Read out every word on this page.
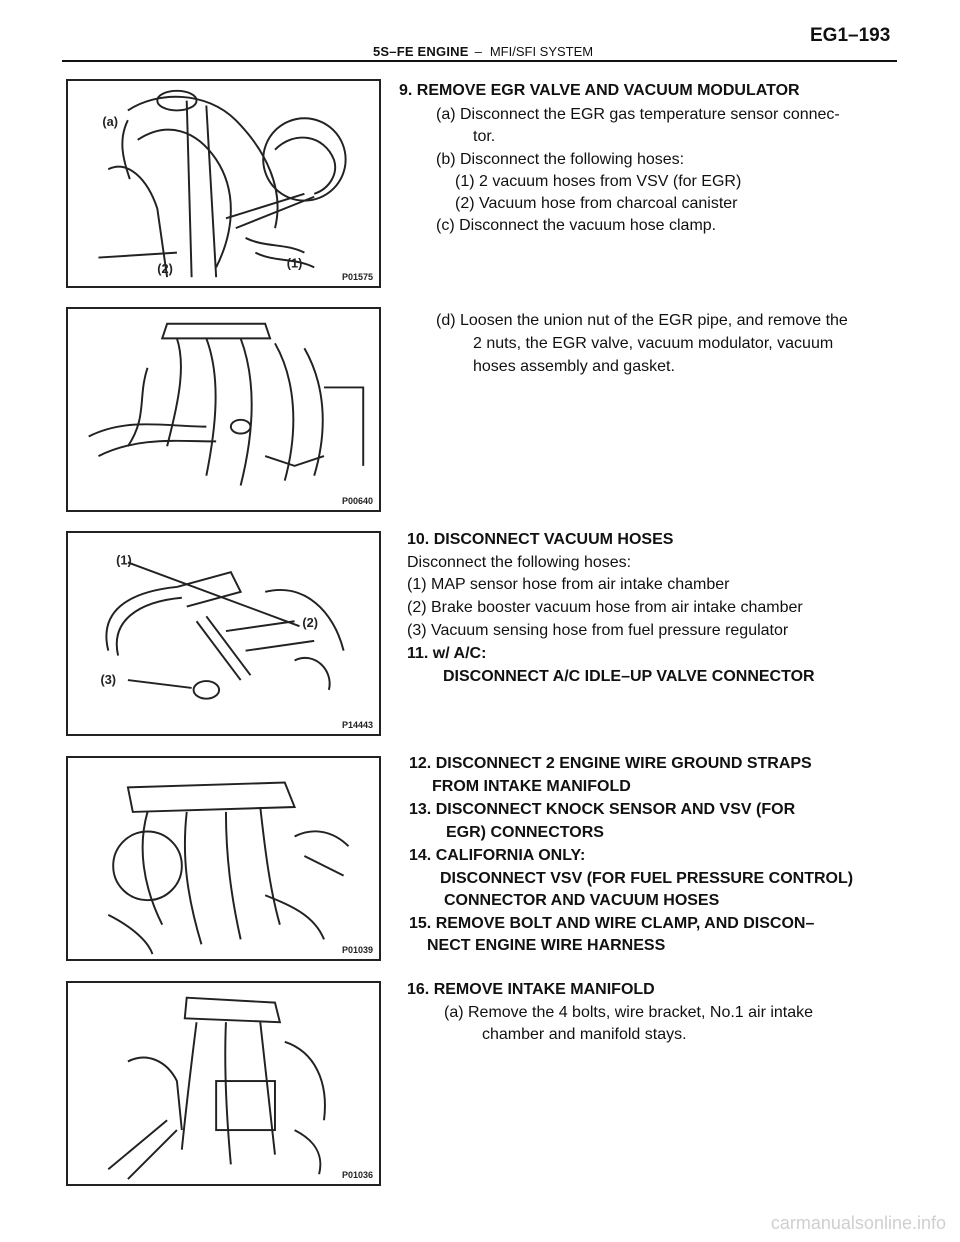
5S–FE ENGINE – MFI/SFI SYSTEM
EG1–193
(a)
(2)	(1)
P01575
P00640
(1)
(2)
(3)
P14443
P01039
P01036
9. REMOVE EGR VALVE AND VACUUM MODULATOR
(a) Disconnect the EGR gas temperature sensor connec-
tor.
(b) Disconnect the following hoses:
(1) 2 vacuum hoses from VSV (for EGR)
(2) Vacuum hose from charcoal canister
(c) Disconnect the vacuum hose clamp.
(d) Loosen the union nut of the EGR pipe, and remove the
2 nuts, the EGR valve, vacuum modulator, vacuum
hoses assembly and gasket.
10. DISCONNECT VACUUM HOSES
Disconnect the following hoses:
(1) MAP sensor hose from air intake chamber
(2) Brake booster vacuum hose from air intake chamber
(3) Vacuum sensing hose from fuel pressure regulator
11. w/ A/C:
DISCONNECT A/C IDLE–UP VALVE CONNECTOR
12. DISCONNECT 2 ENGINE WIRE GROUND STRAPS
FROM INTAKE MANIFOLD
13. DISCONNECT KNOCK SENSOR AND VSV (FOR
EGR) CONNECTORS
14. CALIFORNIA ONLY:
DISCONNECT VSV (FOR FUEL PRESSURE CONTROL)
CONNECTOR AND VACUUM HOSES
15. REMOVE BOLT AND WIRE CLAMP, AND DISCON–
NECT ENGINE WIRE HARNESS
16. REMOVE INTAKE MANIFOLD
(a) Remove the 4 bolts, wire bracket, No.1 air intake
chamber and manifold stays.
carmanualsonline.info
